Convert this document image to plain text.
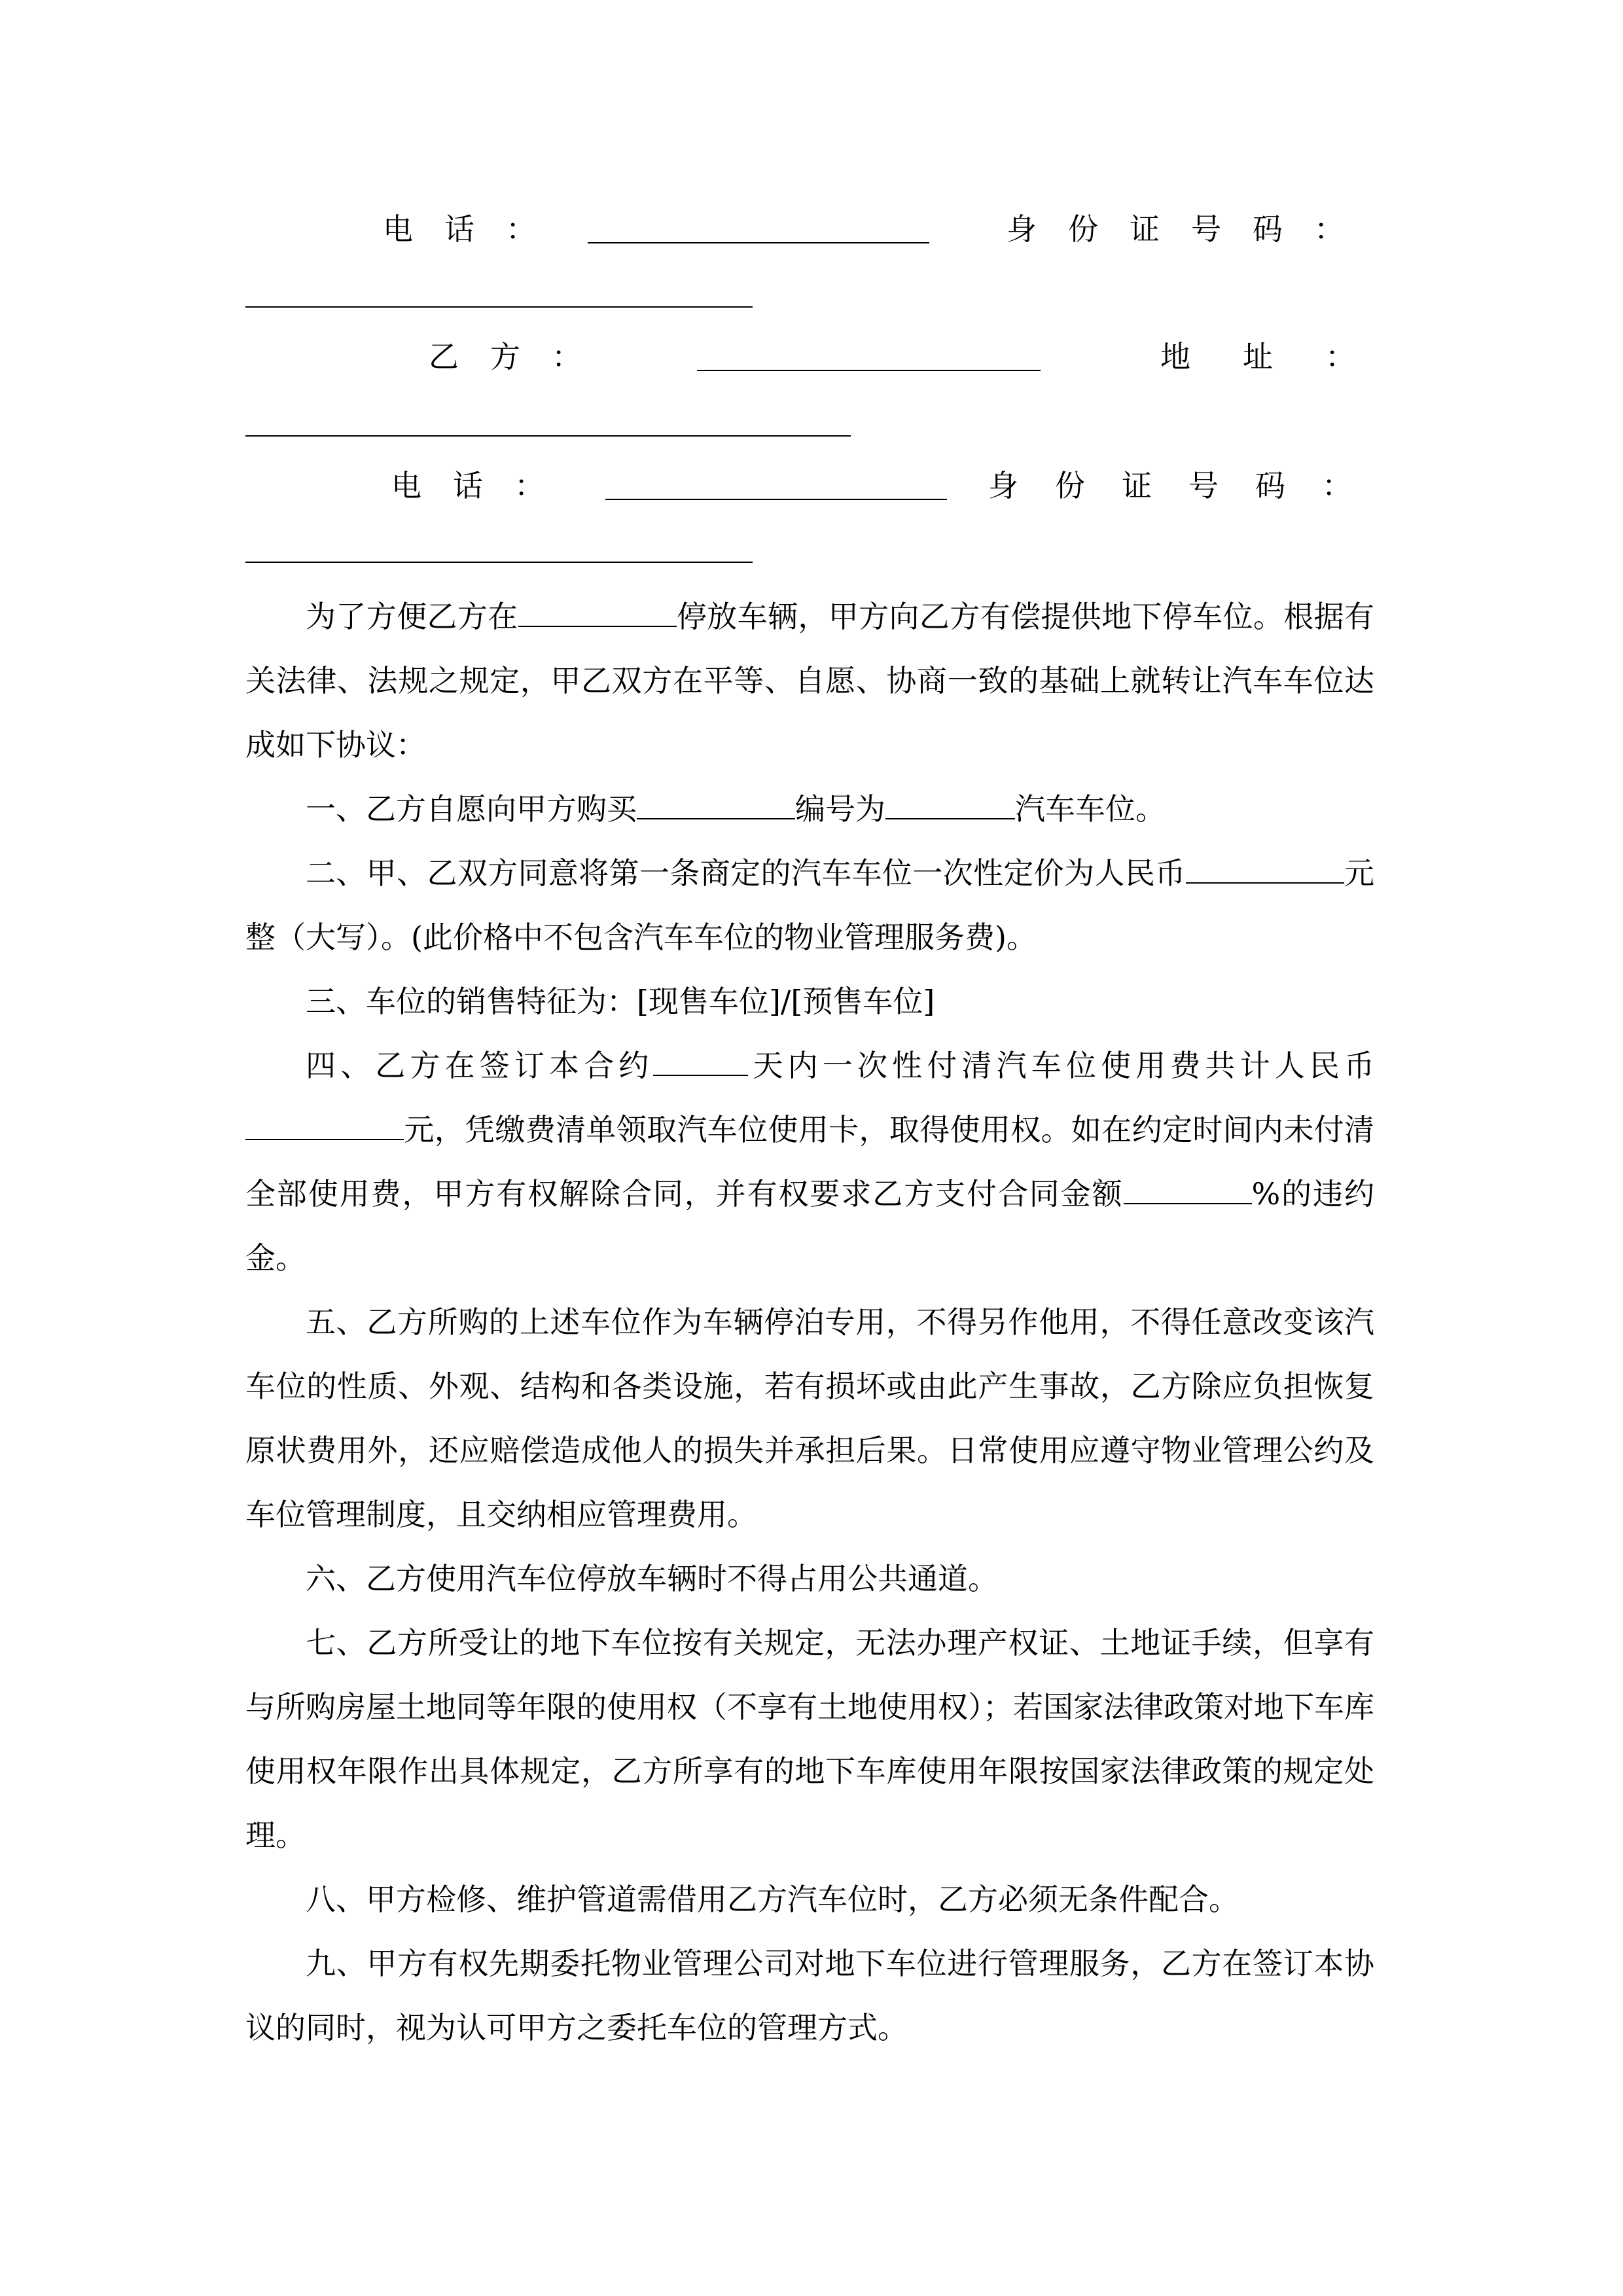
电话：	身份证号码：
乙方：	地址：
电话：	身份证号码：
为了方便乙方在	停放车辆，甲方向乙方有偿提供地下停车位。根据有关法律、法规之规定，甲乙双方在平等、自愿、协商一致的基础上就转让汽车车位达成如下协议：
一、乙方自愿向甲方购买	编号为	汽车车位。
二、甲、乙双方同意将第一条商定的汽车车位一次性定价为人民币	元整（大写）。(此价格中不包含汽车车位的物业管理服务费)。
三、车位的销售特征为：[现售车位]/[预售车位]
四、乙方在签订本合约	天内一次性付清汽车位使用费共计人民币元，凭缴费清单领取汽车位使用卡，取得使用权。如在约定时间内未付清全部使用费，甲方有权解除合同，并有权要求乙方支付合同金额	%的违约金。
五、乙方所购的上述车位作为车辆停泊专用，不得另作他用，不得任意改变该汽车位的性质、外观、结构和各类设施，若有损坏或由此产生事故，乙方除应负担恢复原状费用外，还应赔偿造成他人的损失并承担后果。日常使用应遵守物业管理公约及车位管理制度，且交纳相应管理费用。
六、乙方使用汽车位停放车辆时不得占用公共通道。
七、乙方所受让的地下车位按有关规定，无法办理产权证、土地证手续，但享有与所购房屋土地同等年限的使用权（不享有土地使用权）；若国家法律政策对地下车库使用权年限作出具体规定，乙方所享有的地下车库使用年限按国家法律政策的规定处理。
八、甲方检修、维护管道需借用乙方汽车位时，乙方必须无条件配合。
九、甲方有权先期委托物业管理公司对地下车位进行管理服务，乙方在签订本协议的同时，视为认可甲方之委托车位的管理方式。
